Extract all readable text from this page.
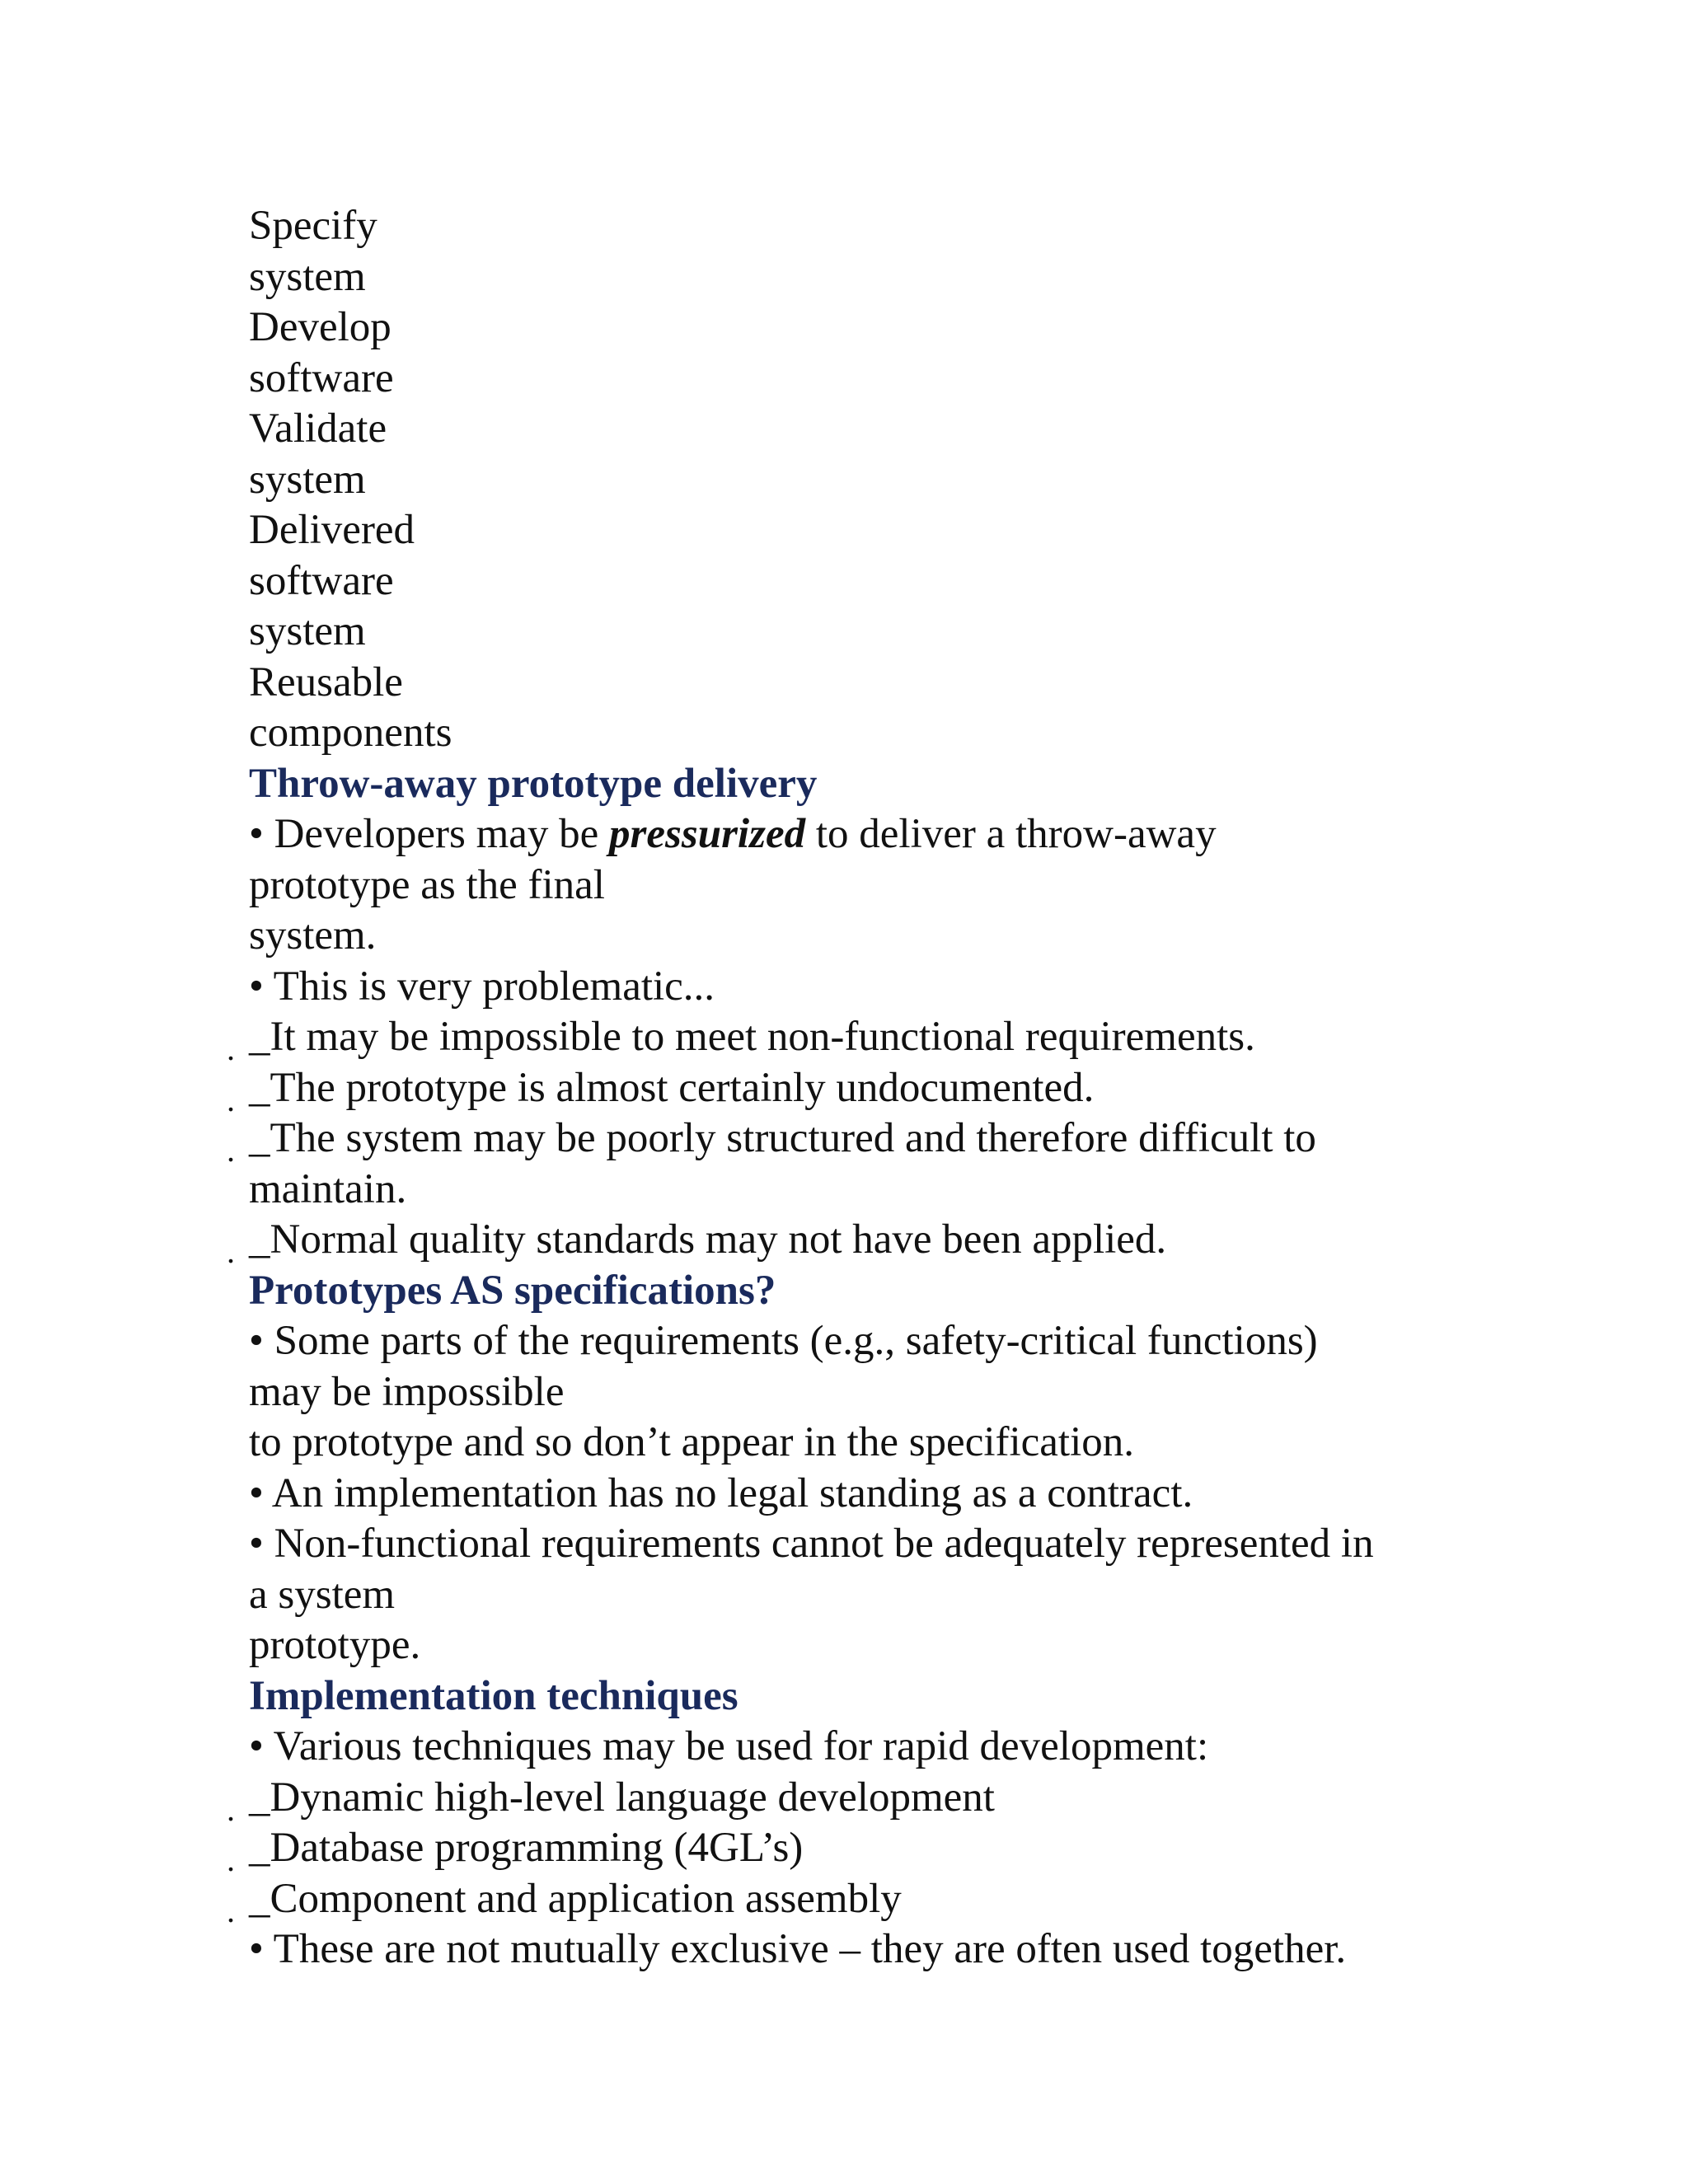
Specify
system
Develop
software
Validate
system
Delivered
software
system
Reusable
components
Throw-away prototype delivery
• Developers may be pressurized to deliver a throw-away
prototype as the final
system.
• This is very problematic...
. _It may be impossible to meet non-functional requirements.
. _The prototype is almost certainly undocumented.
. _The system may be poorly structured and therefore difficult to
maintain.
. _Normal quality standards may not have been applied.
Prototypes AS specifications?
• Some parts of the requirements (e.g., safety-critical functions)
may be impossible
to prototype and so don’t appear in the specification.
• An implementation has no legal standing as a contract.
• Non-functional requirements cannot be adequately represented in
a system
prototype.
Implementation techniques
• Various techniques may be used for rapid development:
. _Dynamic high-level language development
. _Database programming (4GL’s)
. _Component and application assembly
• These are not mutually exclusive – they are often used together.
